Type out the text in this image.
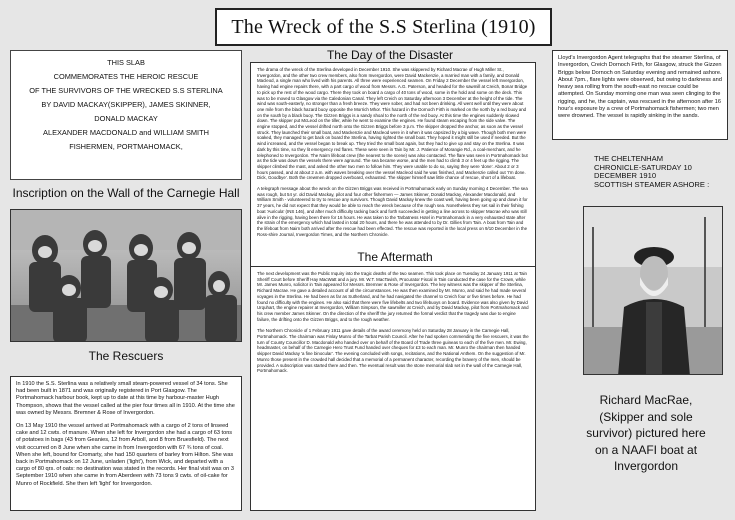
The Wreck of the S.S Sterlina (1910)
THIS SLAB
COMMEMORATES THE HEROIC RESCUE
OF THE SURVIVORS OF THE WRECKED S.S STERLINA
BY DAVID MACKAY(SKIPPER), JAMES SKINNER,
DONALD MACKAY
ALEXANDER MACDONALD and WILLIAM SMITH
FISHERMEN, PORTMAHOMACK,
Inscription on the Wall of the Carnegie Hall
The Rescuers

In 1910 the S.S. Sterlina was a relatively small steam-powered vessel of 34 tons. She had been built in 1871 and was originally registered in Port Glasgow. The Portmahomack harbour book, kept up to date at this time by harbour-master Hugh Thompson, shows that the vessel called at the pier four times all in 1910. At the time she was owned by Messrs. Bremner & Rose of Invergordon.

On 13 May 1910 the vessel arrived at Portmahomack with a cargo of 2 tons of linseed cake and 12 cwts. of manure. When she left for Invergordon she had a cargo of 63 tons of potatoes in bags (43 from Geanies, 12 from Arboll, and 8 from Bruesfield). The next visit occurred on 8 June when she came in from Invergordon with 67 ¾ tons of coal. When she left, bound for Cromarty, she had 150 quarters of barley from Hilton. She was back in Portmahomack on 12 June, unladen ('light'), from Wick, and departed with a cargo of 80 qrs. of oats: no destination was stated in the records. Her final visit was on 3 September 1910 when she came in from Aberdeen with 73 tons 9 cwts. of oil-cake for Munro of Rockfield. She then left 'light' for Invergordon.

The Day of the Disaster

The drama of the wreck of the Sterlina developed in December 1910. She was skippered by Richard Macrae of Hugh Miller St., Invergordon, and the other two crew members, also from Invergordon, were David Mackenzie, a married man with a family, and Donald Macleod, a single man who lived with his parents. All three were experienced seamen. On Friday 2 December the vessel left Invergordon, having had engine repairs there, with a part cargo of wood from Messrs. A.G. Paterson, and headed for the sawmill at Creich, Bonar Bridge to pick up the rest of the wood cargo. There they took on board a cargo of 40 tons of wood, some in the hold and some on the deck. This was to be moved to Glasgow via the Caledonian Canal. They left Creich on Saturday afternoon 3 December at the height of the tide. The wind was south-easterly, no stronger than a fresh breeze. They were sober, and had not been drinking. All went well until they were about one mile from the black hazard buoy opposite the Morrich Mhor. This hazard in the Dornoch Firth is marked on the north by a red buoy and on the south by a black buoy. The Gizzen Briggs is a sandy shoal to the north of the red buoy. At this time the engines suddenly slowed down. The skipper put McLeod on the tiller, while he went to examine the engines. He found steam escaping from the side valve. The engine stopped, and the vessel drifted north onto the Gizzen Briggs before 3 p.m. The skipper dropped the anchor, as soon as the vessel struck. They launched their small boat, and Mackenzie and Macleod were in it when it was capsized by a big wave. Though both men were soaked, they managed to get back on board the Sterlina, having righted the small boat. They hoped it might still be used if needed. But the wind increased, and the vessel began to break up. They tried the small boat again, but they had to give up and stay on the Sterlina. It was dark by this time, so they lit emergency red flares. These were seen in Tain by Mr. J. Patience of Morangie Rd., a coal-merchant, and he telephoned to Invergordon. The Nairn lifeboat crew (the nearest to the scene) was also contacted. The flare was seen in Portmahomack but as the tide was down the vessels there were aground. The sea became worse, and the men had to climb 3 or 4 feet up the rigging. The skipper climbed the mast, and asked the other two men to follow him. They were unable to do so, saying they were 'done'. About 2 or 3 hours passed, and at about 2 a.m. with waves breaking over the vessel Macleod said he was finished, and Mackenzie called out 'I'm done. Dick, Goodbye'. Both the crewmen dropped overboard, exhausted. The skipper himself saw little chance of rescue, short of a lifeboat.

A telegraph message about the wreck on the Gizzen Briggs was received in Portmahomack early on Sunday morning 4 December. The sea was rough, but 54 yr. old David Mackay, pilot and four other fishermen — James Skinner, Donald Mackay, Alexander Macdonald, and William Smith - volunteered to try to rescue any survivors. Though David Mackay knew the coast well, having been going up and down it for 37 years, he did not expect that they would be able to reach the wreck because of the rough sea. Nonetheless they set sail in their fishing boat 'Auricula' (INS 146), and after much difficulty tacking back and forth succeeded in getting a line across to skipper Macrae who was still alive in the rigging, having been there for 16 hours. He was taken to the Tarbatness Hotel in Portmahomack in a very exhausted state after the strain of the emergency which had lasted in total 20 hours, and there he was attended to by Dr. Gillies from Tain. A boat from Tain and the lifeboat from Nairn both arrived after the rescue had been effected. The rescue was reported in the local press on 9/10 December in the Ross-shire Journal, Invergordon Times, and the Northern Chronicle.

The Aftermath

The next development was the Public Inquiry into the tragic deaths of the two seamen. This took place on Tuesday 24 January 1911 at Tain Sheriff Court before Sheriff Hay MacWatt and a jury. Mr. W.T. MacTavish, Procurator Fiscal in Tain conducted the case for the Crown, while Mr. James Munro, solicitor in Tain appeared for Messrs. Bremner & Rose of Invergordon. The key witness was the skipper of the Sterlina, Richard Macrae. He gave a detailed account of all the circumstances. He was then examined by Mr. Munro, and said he had made several voyages in the Sterlina. He had been as far as Sutherland, and he had navigated the channel to Creich four or five times before. He had found no difficulty with the engines. He also said that there were five lifebelts and two lifebuoys on board. Evidence was also given by David Urquhart, the engine repairer at Invergordon, William Simpson, the sawmiller at Creich, and by David Mackay, pilot from Portmahomack and his crew member James Skinner. On the direction of the sheriff the jury returned the formal verdict that the tragedy was due to engine failure, the drifting onto the Gizzen Briggs, and to the rough weather.

The Northern Chronicle of 1 February 1911 gave details of the award ceremony held on Saturday 28 January in the Carnegie Hall, Portmahomack. The chairman was Finlay Munro of the Tarbat Parish Council. After he had spoken commending the five rescuers, it was the turn of County Councillor D. Macdonald who handed over on behalf of the Board of Trade three guineas to each of the five men. Mr. Ewing, headmaster, on behalf of the Carnegie Hero Trust Fund handed over cheques for £3 to each man. Mr. Munro the chairman then handed skipper David Mackay 'a fine binocular'. The evening concluded with songs, recitations, and the National Anthem. On the suggestion of Mr. Munro those present in the crowded hall decided that a memorial of a permanent character, recording the bravery of the men, should be provided. A subscription was started there and then. The eventual result was the stone memorial slab set in the wall of the Carnegie Hall, Portmahomack.

Lloyd's Invergordon Agent telegraphs that the steamer Sterlina, of Invergordon, Creich Dornoch Firth, for Glasgow, struck the Gizzen Briggs below Dornoch on Saturday evening and remained ashore. About 7pm., flare lights were observed, but owing to darkness and heavy sea rolling from the south-east no rescue could be attempted. On Sunday morning one man was seen clinging to the rigging, and he, the captain, was rescued in the afternoon after 16 hour's exposure by a crew of Portmahomack fishermen; two men were drowned. The vessel is rapidly sinking in the sands.
THE CHELTENHAM
CHRONICLE-SATURDAY 10
DECEMBER 1910
SCOTTISH STEAMER ASHORE :
Richard MacRae,
(Skipper and sole
survivor) pictured here
on a NAAFI boat at
Invergordon
